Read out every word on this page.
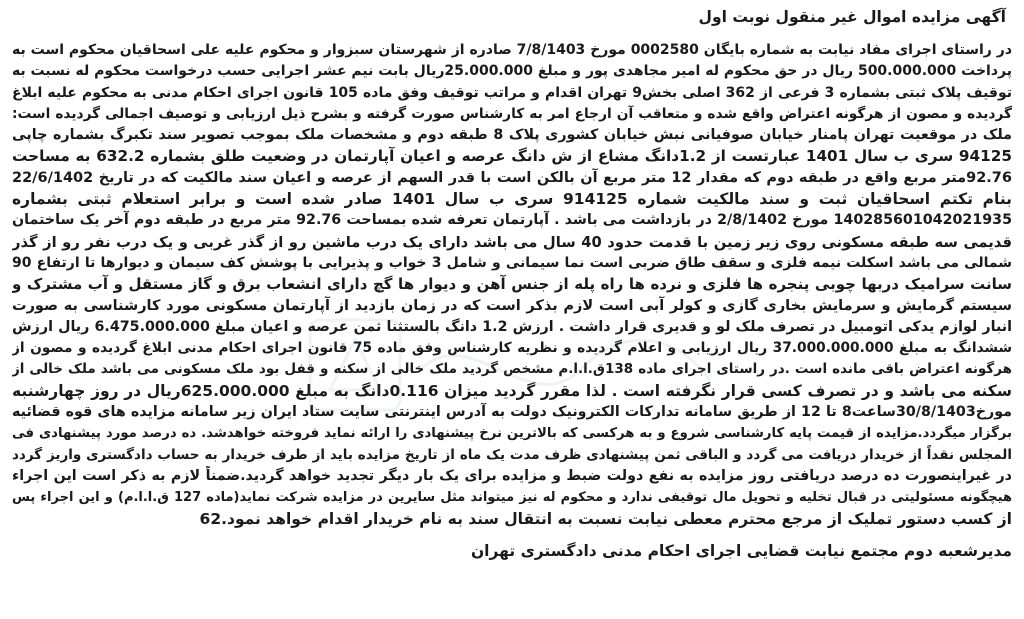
آگهی مزایده اموال غیر منقول نوبت اول
در راستای اجرای مفاد نیابت به شماره بایگان 0002580 مورخ 7/8/1403 صادره از شهرستان سبزوار و محکوم علیه علی اسحاقیان محکوم است به
پرداخت 500.000.000 ریال در حق محکوم له امیر مجاهدی پور و مبلغ 25.000.000ریال بابت نیم عشر اجرایی حسب درخواست محکوم له نسبت به
توقیف پلاک ثبتی بشماره 3 فرعی از 362 اصلی بخش9 تهران اقدام و مراتب توقیف وفق ماده 105 قانون اجرای احکام مدنی به محکوم علیه ابلاغ
گردیده و مصون از هرگونه اعتراض واقع شده و متعاقب آن ارجاع امر به کارشناس صورت گرفته و بشرح ذیل ارزیابی و توصیف اجمالی گردیده است:
ملک در موقعیت تهران پامنار خیابان صوفیانی نبش خیابان کشوری پلاک 8 طبقه دوم و مشخصات ملک بموجب تصویر سند تکبرگ بشماره چاپی
94125 سری ب سال 1401 عبارتست از 1.2دانگ مشاع از ش دانگ عرصه و اعیان آپارتمان در وضعیت طلق بشماره 632.2 به مساحت
92.76متر مربع واقع در طبقه دوم که مقدار 12 متر مربع آن بالکن است با قدر السهم از عرصه و اعیان سند مالکیت که در تاریخ 22/6/1402
بنام تکتم اسحاقیان ثبت و سند مالکیت شماره 914125 سری ب سال 1401 صادر شده است و برابر استعلام ثبتی بشماره
140285601042021935 مورخ 2/8/1402 در بازداشت می باشد . آپارتمان تعرفه شده بمساحت 92.76 متر مربع در طبقه دوم آخر یک ساختمان
قدیمی سه طبقه مسکونی روی زیر زمین با قدمت حدود 40 سال می باشد دارای یک درب ماشین رو از گذر غربی و یک درب نفر رو از گذر
شمالی می باشد اسکلت نیمه فلزی و سقف طاق ضربی است نما سیمانی و شامل 3 خواب و پذیرایی با پوشش کف سیمان و دیوارها تا ارتفاع 90
سانت سرامیک دربها چوبی پنجره ها فلزی و نرده ها راه پله از جنس آهن و دیوار ها گچ دارای انشعاب برق و گاز مستقل و آب مشترک و
سیستم گرمایش و سرمایش بخاری گازی و کولر آبی است لازم بذکر است که در زمان بازدید از آپارتمان مسکونی مورد کارشناسی به صورت
انبار لوازم یدکی اتومبیل در تصرف ملک لو و قدیری قرار داشت . ارزش 1.2 دانگ بالستثنا ثمن عرصه و اعیان مبلغ 6.475.000.000 ریال ارزش
ششدانگ به مبلغ 37.000.000.000 ریال ارزیابی و اعلام گردیده و نظریه کارشناس وفق ماده 75 قانون اجرای احکام مدنی ابلاغ گردیده و مصون از
هرگونه اعتراض باقی مانده است .در راستای اجرای ماده 138ق.ا.ا.م مشخص گردید ملک خالی از سکنه و قفل بود ملک مسکونی می باشد ملک خالی از
سکنه می باشد و در تصرف کسی قرار نگرفته است . لذا مقرر گردید میزان 0.116دانگ به مبلغ 625.000.000ریال در روز چهارشنبه
مورخ30/8/1403ساعت8 تا 12 از طریق سامانه تدارکات الکترونیک دولت به آدرس اینترنتی سایت ستاد ایران زیر سامانه مزایده های قوه قضائیه
برگزار میگردد.مزایده از قیمت پایه کارشناسی شروع و به هرکسی که بالاترین نرخ پیشنهادی را ارائه نماید فروخته خواهدشد. ده درصد مورد پیشنهادی فی
المجلس نقداً از خریدار دریافت می گردد و الباقی ثمن پیشنهادی ظرف مدت یک ماه از تاریخ مزایده باید از طرف خریدار به حساب دادگستری واریز گردد
در غیراینصورت ده درصد دریافتی روز مزایده به نفع دولت ضبط و مزایده برای یک بار دیگر تجدید خواهد گردید.ضمناً لازم به ذکر است این اجراء
هیچگونه مسئولیتی در قبال تخلیه و تحویل مال توقیفی ندارد و محکوم له نیز میتواند مثل سایرین در مزایده شرکت نماید(ماده 127 ق.ا.ا.م) و این اجراء پس
از کسب دستور تملیک از مرجع محترم معطی نیابت نسبت به انتقال سند به نام خریدار اقدام خواهد نمود.62
مدیرشعبه دوم مجتمع نیابت قضایی اجرای احکام مدنی دادگستری تهران
